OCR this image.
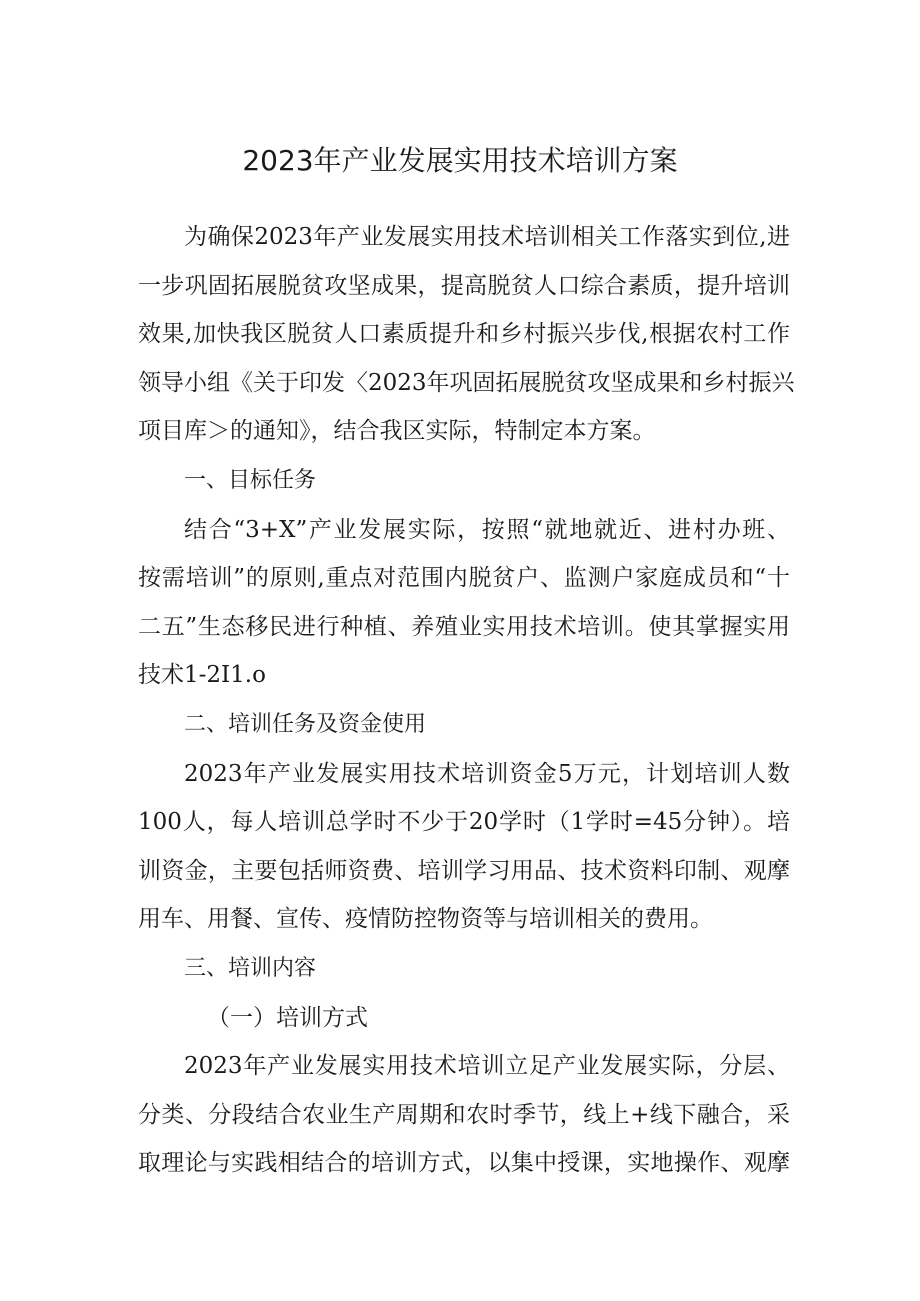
2023年产业发展实用技术培训方案
为确保2023年产业发展实用技术培训相关工作落实到位,进
一步巩固拓展脱贫攻坚成果，提高脱贫人口综合素质，提升培训
效果,加快我区脱贫人口素质提升和乡村振兴步伐,根据农村工作
领导小组《关于印发〈2023年巩固拓展脱贫攻坚成果和乡村振兴
项目库＞的通知》，结合我区实际，特制定本方案。
一、目标任务
结合“3+X”产业发展实际，按照“就地就近、进村办班、
按需培训”的原则,重点对范围内脱贫户、监测户家庭成员和“十
二五”生态移民进行种植、养殖业实用技术培训。使其掌握实用
技术1-2I1.o
二、培训任务及资金使用
2023年产业发展实用技术培训资金5万元，计划培训人数
100人，每人培训总学时不少于20学时（1学时=45分钟）。培
训资金，主要包括师资费、培训学习用品、技术资料印制、观摩
用车、用餐、宣传、疫情防控物资等与培训相关的费用。
三、培训内容
（一）培训方式
2023年产业发展实用技术培训立足产业发展实际，分层、
分类、分段结合农业生产周期和农时季节，线上+线下融合，采
取理论与实践相结合的培训方式，以集中授课，实地操作、观摩
